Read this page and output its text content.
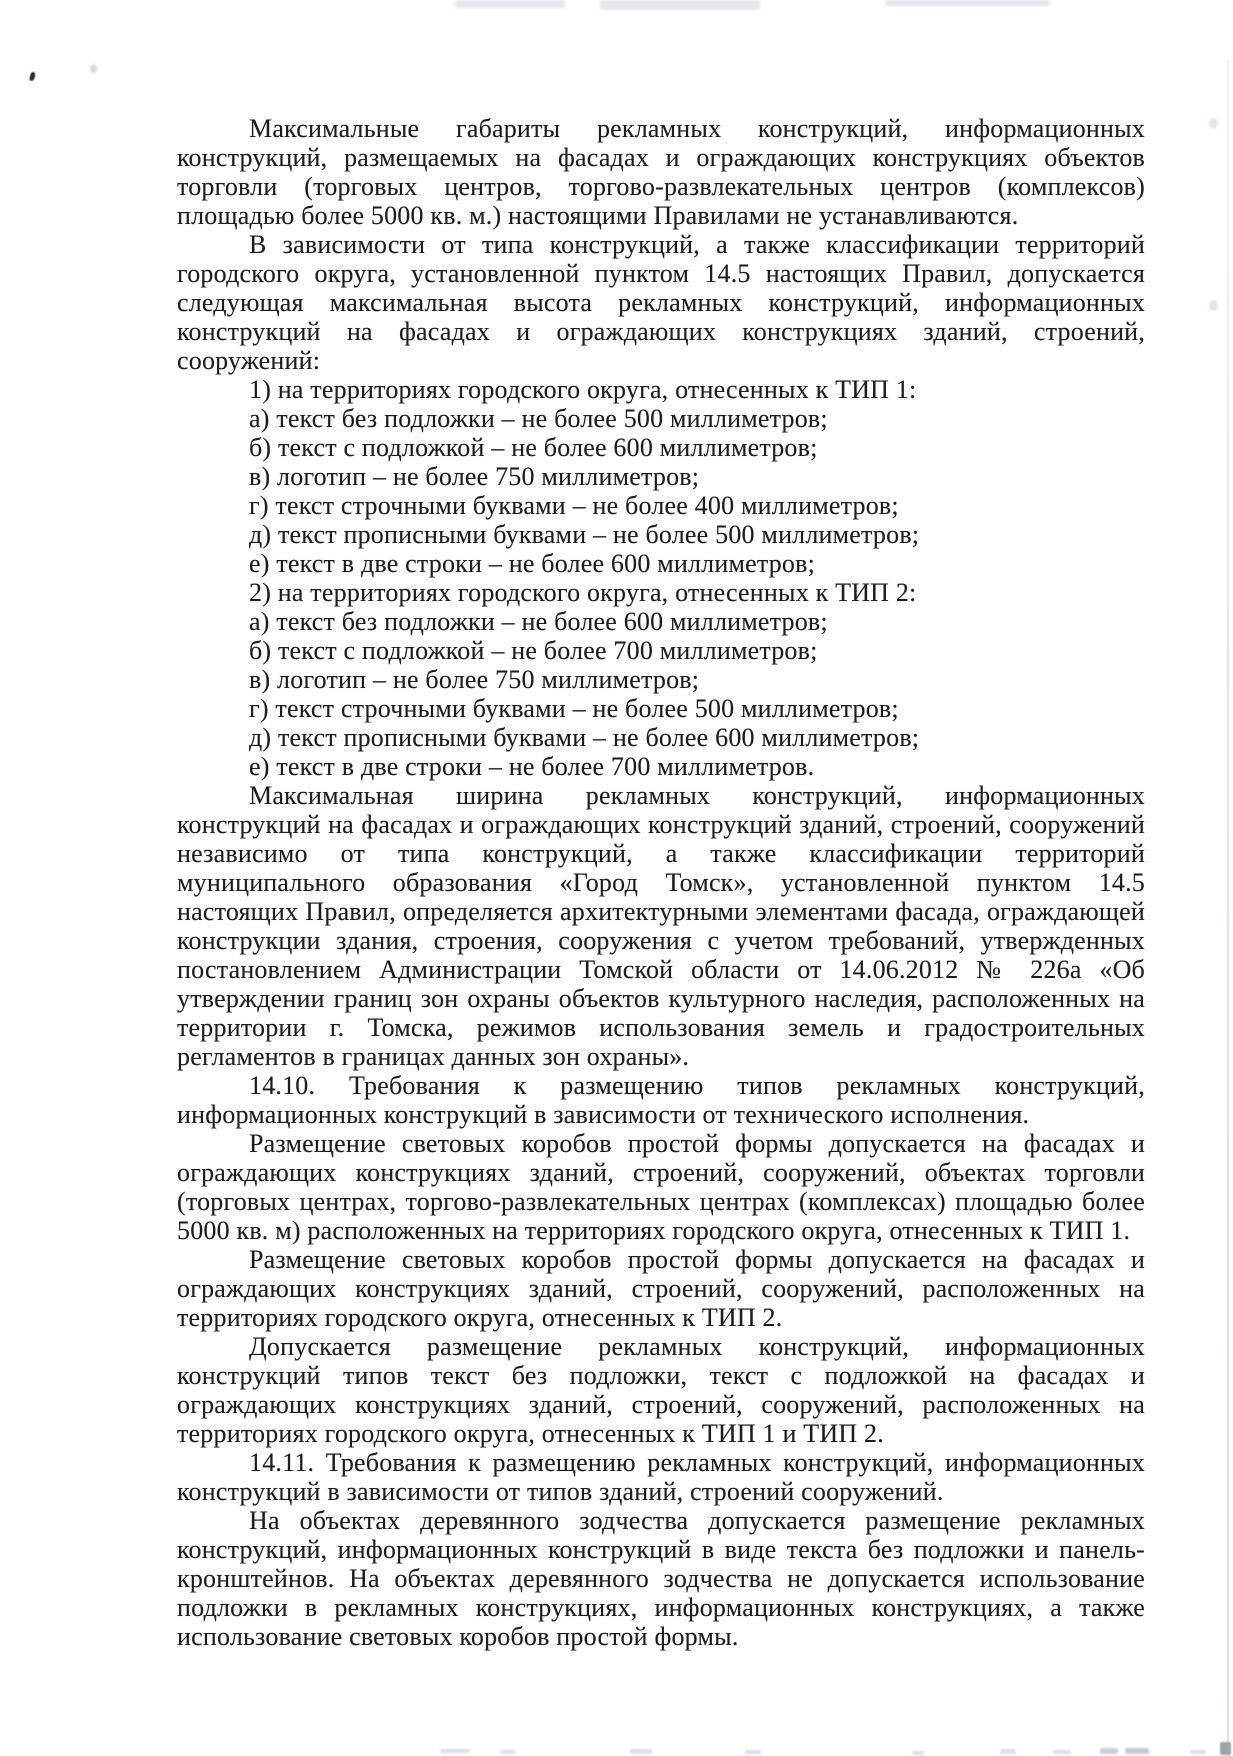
Максимальные габариты рекламных конструкций, информационных конструкций, размещаемых на фасадах и ограждающих конструкциях объектов торговли (торговых центров, торгово-развлекательных центров (комплексов) площадью более 5000 кв. м.) настоящими Правилами не устанавливаются.

В зависимости от типа конструкций, а также классификации территорий городского округа, установленной пунктом 14.5 настоящих Правил, допускается следующая максимальная высота рекламных конструкций, информационных конструкций на фасадах и ограждающих конструкциях зданий, строений, сооружений:

1) на территориях городского округа, отнесенных к ТИП 1:

а) текст без подложки – не более 500 миллиметров;

б) текст с подложкой – не более 600 миллиметров;

в) логотип – не более 750 миллиметров;

г) текст строчными буквами – не более 400 миллиметров;

д) текст прописными буквами – не более 500 миллиметров;

е) текст в две строки – не более 600 миллиметров;

2) на территориях городского округа, отнесенных к ТИП 2:

а) текст без подложки – не более 600 миллиметров;

б) текст с подложкой – не более 700 миллиметров;

в) логотип – не более 750 миллиметров;

г) текст строчными буквами – не более 500 миллиметров;

д) текст прописными буквами – не более 600 миллиметров;

е) текст в две строки – не более 700 миллиметров.

Максимальная ширина рекламных конструкций, информационных конструкций на фасадах и ограждающих конструкций зданий, строений, сооружений независимо от типа конструкций, а также классификации территорий муниципального образования «Город Томск», установленной пунктом 14.5 настоящих Правил, определяется архитектурными элементами фасада, ограждающей конструкции здания, строения, сооружения с учетом требований, утвержденных постановлением Администрации Томской области от 14.06.2012 № 226а «Об утверждении границ зон охраны объектов культурного наследия, расположенных на территории г. Томска, режимов использования земель и градостроительных регламентов в границах данных зон охраны».

14.10. Требования к размещению типов рекламных конструкций, информационных конструкций в зависимости от технического исполнения.

Размещение световых коробов простой формы допускается на фасадах и ограждающих конструкциях зданий, строений, сооружений, объектах торговли (торговых центрах, торгово-развлекательных центрах (комплексах) площадью более 5000 кв. м) расположенных на территориях городского округа, отнесенных к ТИП 1.

Размещение световых коробов простой формы допускается на фасадах и ограждающих конструкциях зданий, строений, сооружений, расположенных на территориях городского округа, отнесенных к ТИП 2.

Допускается размещение рекламных конструкций, информационных конструкций типов текст без подложки, текст с подложкой на фасадах и ограждающих конструкциях зданий, строений, сооружений, расположенных на территориях городского округа, отнесенных к ТИП 1 и ТИП 2.

14.11. Требования к размещению рекламных конструкций, информационных конструкций в зависимости от типов зданий, строений сооружений.

На объектах деревянного зодчества допускается размещение рекламных конструкций, информационных конструкций в виде текста без подложки и панель-кронштейнов. На объектах деревянного зодчества не допускается использование подложки в рекламных конструкциях, информационных конструкциях, а также использование световых коробов простой формы.
